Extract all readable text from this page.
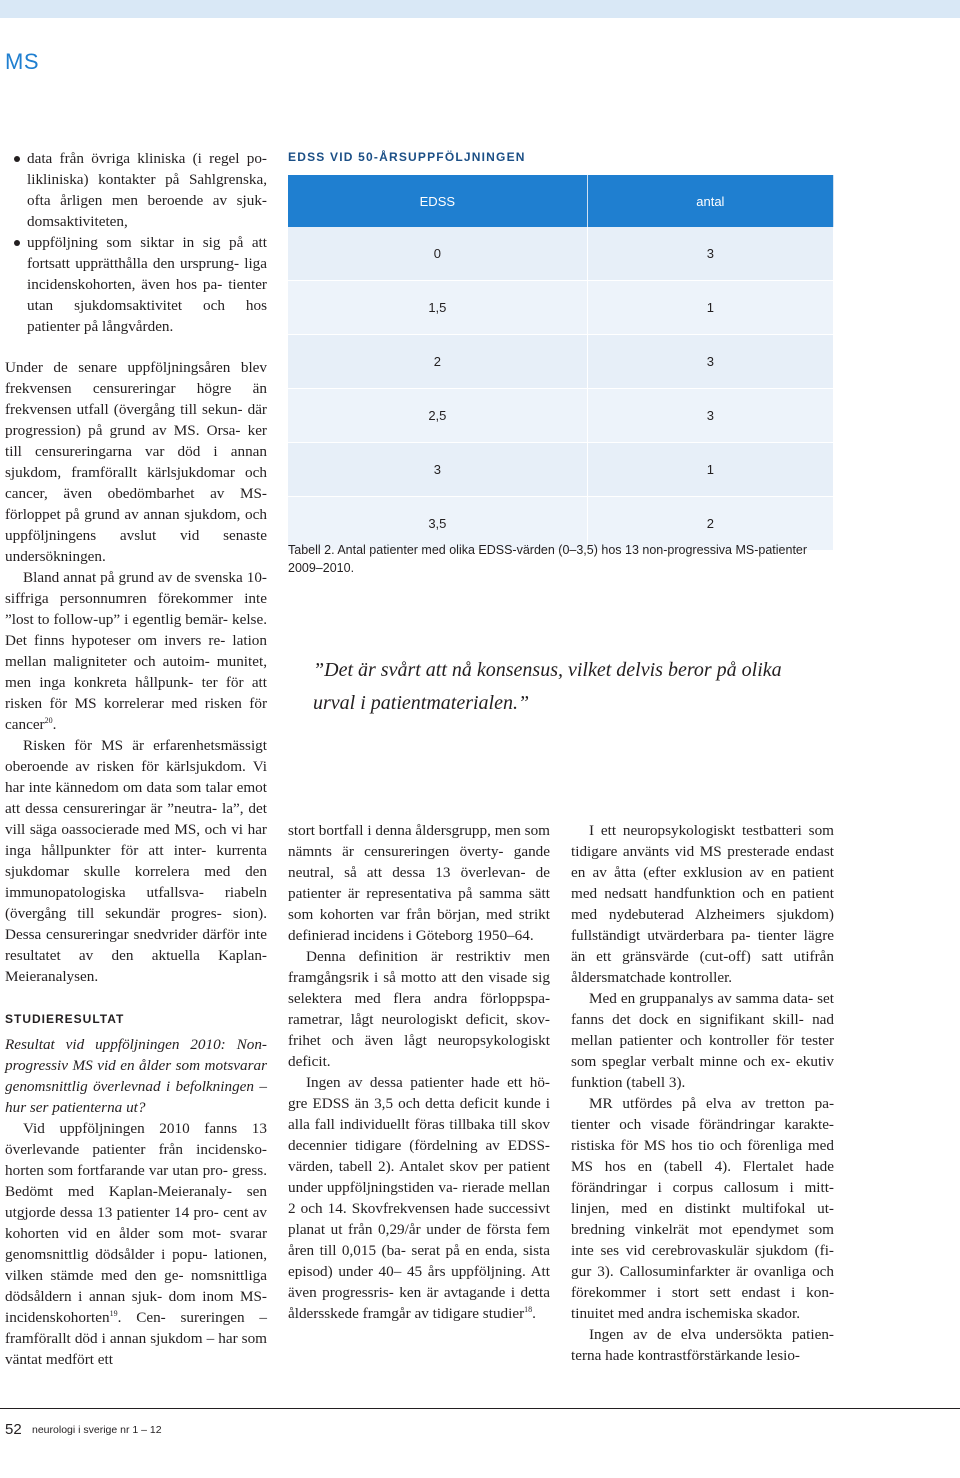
MS

data från övriga kliniska (i regel po- likliniska) kontakter på Sahlgrenska, ofta årligen men beroende av sjuk- domsaktiviteten,

uppföljning som siktar in sig på att fortsatt upprätthålla den ursprung- liga incidenskohorten, även hos pa- tienter utan sjukdomsaktivitet och hos patienter på långvården.

Under de senare uppföljningsåren blev frekvensen censureringar högre än frekvensen utfall (övergång till sekun- där progression) på grund av MS. Orsa- ker till censureringarna var död i annan sjukdom, framförallt kärlsjukdomar och cancer, även obedömbarhet av MS- förloppet på grund av annan sjukdom, och uppföljningens avslut vid senaste undersökningen.

Bland annat på grund av de svenska 10-siffriga personnumren förekommer inte ”lost to follow-up” i egentlig bemär- kelse. Det finns hypoteser om invers re- lation mellan maligniteter och autoim- munitet, men inga konkreta hållpunk- ter för att risken för MS korrelerar med risken för cancer$^{20}$.

Risken för MS är erfarenhetsmässigt oberoende av risken för kärlsjukdom. Vi har inte kännedom om data som talar emot att dessa censureringar är ”neutra- la”, det vill säga oassocierade med MS, och vi har inga hållpunkter för att inter- kurrenta sjukdomar skulle korrelera med den immunopatologiska utfallsva- riabeln (övergång till sekundär progres- sion). Dessa censureringar snedvrider därför inte resultatet av den aktuella Kaplan-Meieranalysen.

STUDIERESULTAT

Resultat vid uppföljningen 2010: Non- progressiv MS vid en ålder som motsvarar genomsnittlig överlevnad i befolkningen – hur ser patienterna ut?

Vid uppföljningen 2010 fanns 13 överlevande patienter från incidensko- horten som fortfarande var utan pro- gress. Bedömt med Kaplan-Meieranaly- sen utgjorde dessa 13 patienter 14 pro- cent av kohorten vid en ålder som mot- svarar genomsnittlig dödsålder i popu- lationen, vilken stämde med den ge- nomsnittliga dödsåldern i annan sjuk- dom inom MS-incidenskohorten$^{19}$. Cen- sureringen – framförallt död i annan sjukdom – har som väntat medfört ett

EDSS VID 50-ÅRSUPPFÖLJNINGEN
EDSS	antal
0	3
1,5	1
2	3
2,5	3
3	1
3,5	2
Tabell 2. Antal patienter med olika EDSS-värden (0–3,5) hos 13 non-progressiva MS-patienter 2009–2010.
”Det är svårt att nå konsensus, vilket delvis beror på olika urval i patientmaterialen.”

stort bortfall i denna åldersgrupp, men som nämnts är censureringen överty- gande neutral, så att dessa 13 överlevan- de patienter är representativa på samma sätt som kohorten var från början, med strikt definierad incidens i Göteborg 1950–64.

Denna definition är restriktiv men framgångsrik i så motto att den visade sig selektera med flera andra förloppspa- rametrar, lågt neurologiskt deficit, skov- frihet och även lågt neuropsykologiskt deficit.

Ingen av dessa patienter hade ett hö- gre EDSS än 3,5 och detta deficit kunde i alla fall individuellt föras tillbaka till skov decennier tidigare (fördelning av EDSS-värden, tabell 2). Antalet skov per patient under uppföljningstiden va- rierade mellan 2 och 14. Skovfrekvensen hade successivt planat ut från 0,29/år under de första fem åren till 0,015 (ba- serat på en enda, sista episod) under 40– 45 års uppföljning. Att även progressris- ken är avtagande i detta åldersskede framgår av tidigare studier$^{18}$.

I ett neuropsykologiskt testbatteri som tidigare använts vid MS presterade endast en av åtta (efter exklusion av en patient med nedsatt handfunktion och en patient med nydebuterad Alzheimers sjukdom) fullständigt utvärderbara pa- tienter lägre än ett gränsvärde (cut-off) satt utifrån åldersmatchade kontroller.

Med en gruppanalys av samma data- set fanns det dock en signifikant skill- nad mellan patienter och kontroller för tester som speglar verbalt minne och ex- ekutiv funktion (tabell 3).

MR utfördes på elva av tretton pa- tienter och visade förändringar karakte- ristiska för MS hos tio och förenliga med MS hos en (tabell 4). Flertalet hade förändringar i corpus callosum i mitt- linjen, med en distinkt multifokal ut- bredning vinkelrät mot ependymet som inte ses vid cerebrovaskulär sjukdom (fi- gur 3). Callosuminfarkter är ovanliga och förekommer i stort sett endast i kon- tinuitet med andra ischemiska skador.

Ingen av de elva undersökta patien- terna hade kontrastförstärkande lesio-

52 neurologi i sverige nr 1 – 12
